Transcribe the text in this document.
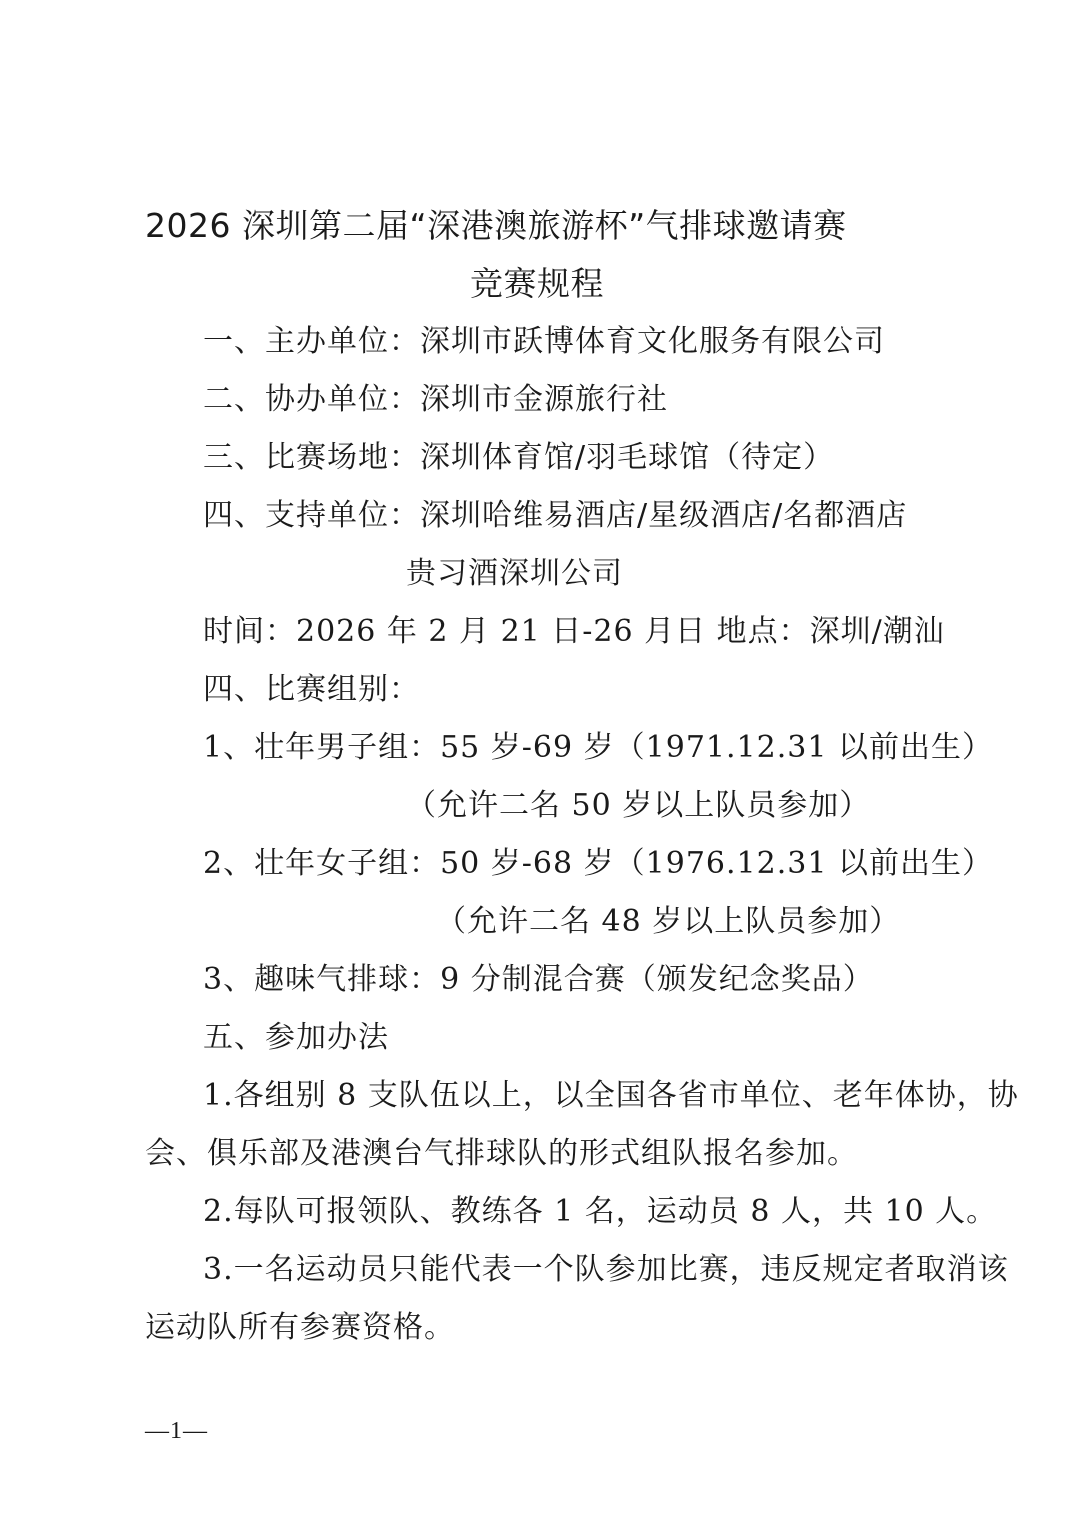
2026 深圳第二届“深港澳旅游杯”气排球邀请赛
竞赛规程
一、主办单位：深圳市跃博体育文化服务有限公司
二、协办单位：深圳市金源旅行社
三、比赛场地：深圳体育馆/羽毛球馆（待定）
四、支持单位：深圳哈维易酒店/星级酒店/名都酒店
贵习酒深圳公司
时间：2026 年 2 月 21 日-26 月日 地点：深圳/潮汕
四、比赛组别：
1、壮年男子组：55 岁-69 岁（1971.12.31 以前出生）
（允许二名 50 岁以上队员参加）
2、壮年女子组：50 岁-68 岁（1976.12.31 以前出生）
（允许二名 48 岁以上队员参加）
3、趣味气排球：9 分制混合赛（颁发纪念奖品）
五、参加办法
1.各组别 8 支队伍以上，以全国各省市单位、老年体协，协
会、俱乐部及港澳台气排球队的形式组队报名参加。
2.每队可报领队、教练各 1 名，运动员 8 人，共 10 人。
3.一名运动员只能代表一个队参加比赛，违反规定者取消该
运动队所有参赛资格。
—1—
